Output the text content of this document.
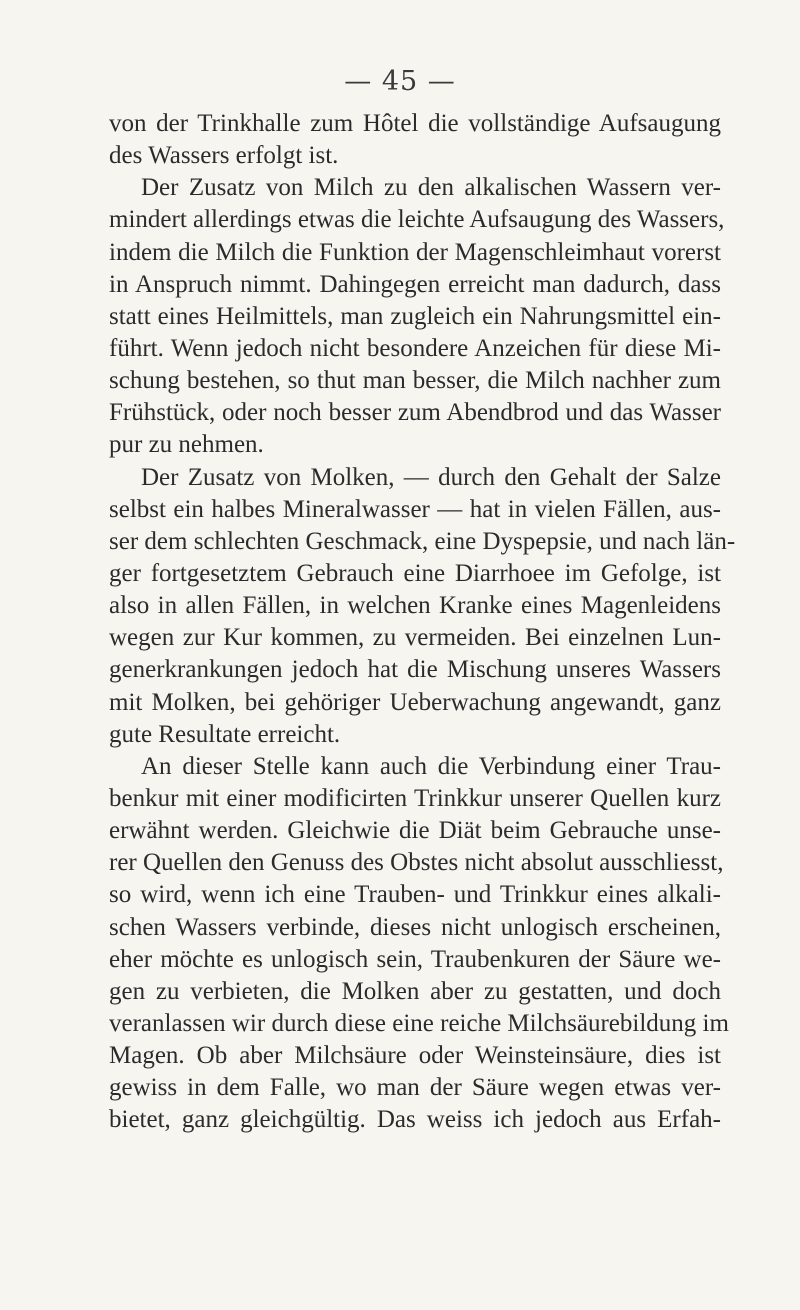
— 45 —
von der Trinkhalle zum Hôtel die vollständige Aufsaugung
des Wassers erfolgt ist.
Der Zusatz von Milch zu den alkalischen Wassern ver-
mindert allerdings etwas die leichte Aufsaugung des Wassers,
indem die Milch die Funktion der Magenschleimhaut vorerst
in Anspruch nimmt. Dahingegen erreicht man dadurch, dass
statt eines Heilmittels, man zugleich ein Nahrungsmittel ein-
führt. Wenn jedoch nicht besondere Anzeichen für diese Mi-
schung bestehen, so thut man besser, die Milch nachher zum
Frühstück, oder noch besser zum Abendbrod und das Wasser
pur zu nehmen.
Der Zusatz von Molken, — durch den Gehalt der Salze
selbst ein halbes Mineralwasser — hat in vielen Fällen, aus-
ser dem schlechten Geschmack, eine Dyspepsie, und nach län-
ger fortgesetztem Gebrauch eine Diarrhoee im Gefolge, ist
also in allen Fällen, in welchen Kranke eines Magenleidens
wegen zur Kur kommen, zu vermeiden. Bei einzelnen Lun-
generkrankungen jedoch hat die Mischung unseres Wassers
mit Molken, bei gehöriger Ueberwachung angewandt, ganz
gute Resultate erreicht.
An dieser Stelle kann auch die Verbindung einer Trau-
benkur mit einer modificirten Trinkkur unserer Quellen kurz
erwähnt werden. Gleichwie die Diät beim Gebrauche unse-
rer Quellen den Genuss des Obstes nicht absolut ausschliesst,
so wird, wenn ich eine Trauben- und Trinkkur eines alkali-
schen Wassers verbinde, dieses nicht unlogisch erscheinen,
eher möchte es unlogisch sein, Traubenkuren der Säure we-
gen zu verbieten, die Molken aber zu gestatten, und doch
veranlassen wir durch diese eine reiche Milchsäurebildung im
Magen. Ob aber Milchsäure oder Weinsteinsäure, dies ist
gewiss in dem Falle, wo man der Säure wegen etwas ver-
bietet, ganz gleichgültig. Das weiss ich jedoch aus Erfah-
